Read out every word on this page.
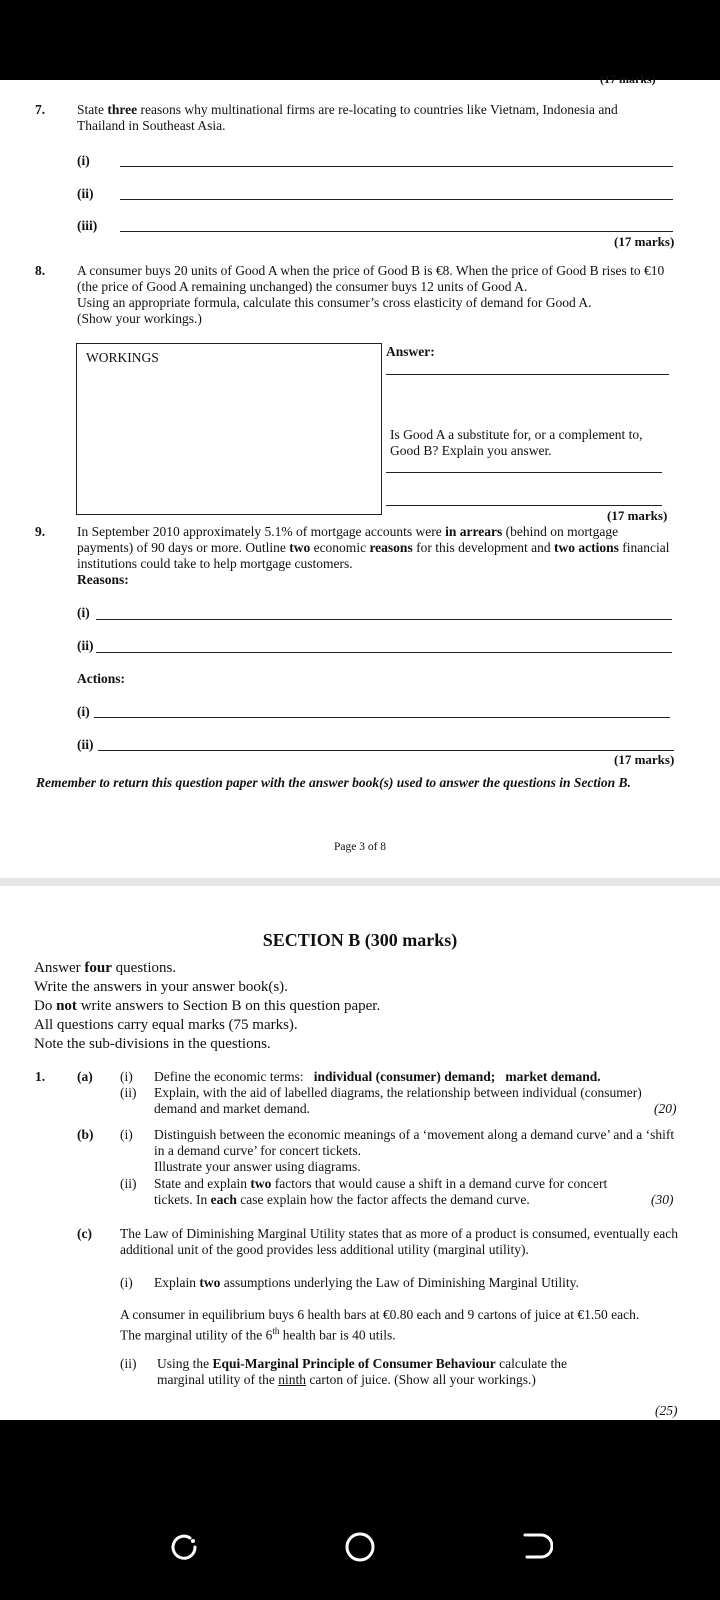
(17 marks)
7. State three reasons why multinational firms are re-locating to countries like Vietnam, Indonesia and Thailand in Southeast Asia.
(i)
(ii)
(iii)
(17 marks)
8. A consumer buys 20 units of Good A when the price of Good B is €8. When the price of Good B rises to €10 (the price of Good A remaining unchanged) the consumer buys 12 units of Good A.
Using an appropriate formula, calculate this consumer’s cross elasticity of demand for Good A.
(Show your workings.)
WORKINGS	Answer:
Is Good A a substitute for, or a complement to, Good B? Explain you answer.
(17 marks)
9. In September 2010 approximately 5.1% of mortgage accounts were in arrears (behind on mortgage payments) of 90 days or more. Outline two economic reasons for this development and two actions financial institutions could take to help mortgage customers.
Reasons:
(i)
(ii)
Actions:
(i)
(ii)
(17 marks)
Remember to return this question paper with the answer book(s) used to answer the questions in Section B.
Page 3 of 8
SECTION B (300 marks)
Answer four questions.
Write the answers in your answer book(s).
Do not write answers to Section B on this question paper.
All questions carry equal marks (75 marks).
Note the sub-divisions in the questions.
1. (a) (i) Define the economic terms: individual (consumer) demand; market demand.
(ii) Explain, with the aid of labelled diagrams, the relationship between individual (consumer) demand and market demand.	(20)
(b) (i) Distinguish between the economic meanings of a ‘movement along a demand curve’ and a ‘shift in a demand curve’ for concert tickets.
Illustrate your answer using diagrams.
(ii) State and explain two factors that would cause a shift in a demand curve for concert tickets. In each case explain how the factor affects the demand curve.	(30)
(c) The Law of Diminishing Marginal Utility states that as more of a product is consumed, eventually each additional unit of the good provides less additional utility (marginal utility).
(i) Explain two assumptions underlying the Law of Diminishing Marginal Utility.
A consumer in equilibrium buys 6 health bars at €0.80 each and 9 cartons of juice at €1.50 each. The marginal utility of the 6th health bar is 40 utils.
(ii) Using the Equi-Marginal Principle of Consumer Behaviour calculate the marginal utility of the ninth carton of juice. (Show all your workings.)
(25)
